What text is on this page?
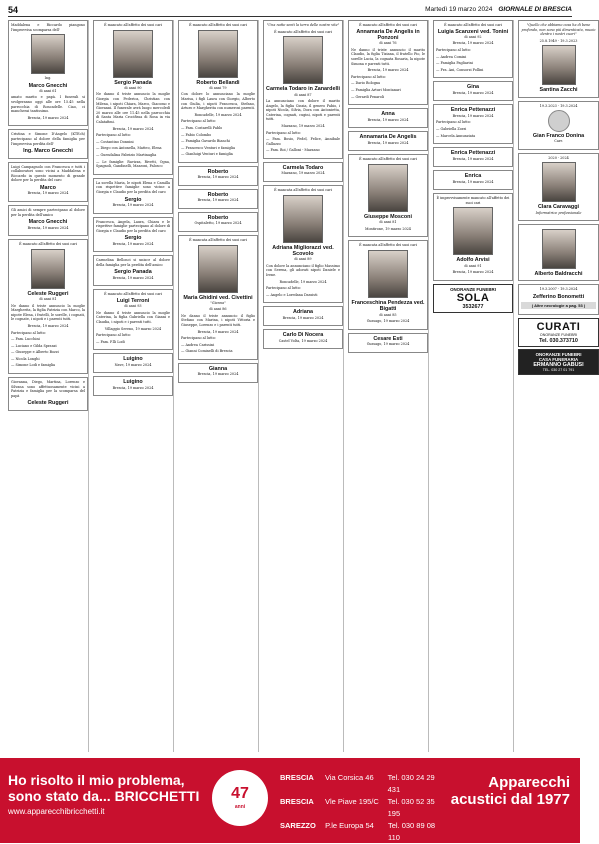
54	Martedì 19 marzo 2024 GIORNALE DI BRESCIA
Maddalena e Riccardo piangono l'improvvisa scomparsa dell'
Ing.
Marco Gnecchi
di anni 61
amato marito e papà. I funerali si svolgeranno oggi alle ore 15.45 nella parrocchia di Roncadelle. Ciao, ci mancherai tantissimo.
Brescia, 19 marzo 2024
Cristina e Simone D'Angelo (KTEch) partecipano al dolore della famiglia per l'improvvisa perdita dell'
Ing. Marco Gnecchi
Luigi Campagnolo con Francesca e tutti i collaboratori sono vicini a Maddalena e Riccardo in questo momento di grande dolore per la perdita del caro
Marco
Brescia, 19 marzo 2024
Gli amici di sempre partecipano al dolore per la perdita dell'amico
Marco Gnecchi
Brescia, 19 marzo 2024
È mancato all'affetto dei suoi cari
Celeste Ruggeri
di anni 81
Ne danno il triste annuncio la moglie Margherita, la figlia Patrizia con Marco, la nipote Elena, i fratelli, le sorelle, i cognati, le cognate, i nipoti e i parenti tutti.
Brescia, 19 marzo 2024
Partecipano al lutto:
— Fam. Lucchini
— Luciano e Gilda Spranzi
— Giuseppe e Alberto Bozzi
— Nicola Longhi
— Simone Lodi e famiglia
Giovanna, Diego, Martina, Lorenzo e Silvana sono affettuosamente vicini a Patrizia e famiglia per la scomparsa del papà
Celeste Ruggeri
È mancato all'affetto dei suoi cari
Sergio Panada
di anni 90
Ne danno il triste annuncio la moglie Giorgia con Federica, Christian con Milena, i nipoti Chiara, Marco, Giacomo e Giovanni. Il funerale avrà luogo mercoledì 20 marzo alle ore 11.45 nella parrocchia di Santa Maria Crocifissa di Rosa in via Calatafimi.
Brescia, 19 marzo 2024
Partecipano al lutto:
— Costantino Donnini
— Diego con Antonella, Matteo, Elena
— Guendalina Fabrizio Martinaglia
— Le famiglie: Ravizza, Rivetti, Ogna, Spagnoli, Gandinelli, Mazzoni, Palosco
La sorella Maria, le nipoti Elena e Camilla con rispettive famiglie sono vicine a Giorgia e Claudio per la perdita del caro
Sergio
Brescia, 19 marzo 2024
Francesca, Angela, Laura, Chiara e le rispettive famiglie partecipano al dolore di Giorgia e Claudio per la perdita del caro
Sergio
Brescia, 19 marzo 2024
Carmelina Bellonci si unisce al dolore della famiglia per la perdita dell'amico
Sergio Panada
Brescia, 19 marzo 2024
È mancato all'affetto dei suoi cari
Luigi Terroni
di anni 93
Ne danno il triste annuncio la moglie Caterina, la figlia Gabriella con Gianni e Claudia, i nipoti e i parenti tutti.
Villaggio Sereno, 19 marzo 2024
Partecipano al lutto:
— Fam. F.lli Lodi
Luigino
Nave, 19 marzo 2024
Luigino
Brescia, 19 marzo 2024
È mancato all'affetto dei suoi cari
Roberto Bellandi
di anni 79
Con dolore lo annunciano la moglie Marisa, i figli Laura con Giorgio, Alberto con Giulia, i nipoti Francesca, Stefano, Arturo e Margherita con numerosi parenti.
Roncadelle, 19 marzo 2024
Partecipano al lutto:
— Fam. Costarelli Pablo
— Fabio Colombo
— Famiglia Gavardo Bianchi
— Francesco Venturi e famiglia
— Gianluigi Venturi e famiglia
Roberto
Brescia, 19 marzo 2024
Roberto
Brescia, 19 marzo 2024
Roberto
Ospitaletto, 19 marzo 2024
È mancata all'affetto dei suoi cari
Maria Ghidini ved. Civettini
"Gianna"
di anni 86
Ne danno il triste annuncio il figlio Stefano con Marina, i nipoti Vittoria e Giuseppe, Lorenzo e i parenti tutti.
Brescia, 19 marzo 2024
Partecipano al lutto:
— Andrea Carissini
— Gianni Cominelli di Brescia
Gianna
Brescia, 19 marzo 2024
"Una notte senti la terra delle nostre vite"
È mancato all'affetto dei suoi cari
Carmela Todaro in Zanardelli
di anni 87
La annunciano con dolore il marito Angelo, la figlia Cinzia, il genero Fabio, i nipoti Nicola, Silvia, Dora con Antonietta, Caterina, cognati, cugini, nipoti e parenti tutti.
Mazzano, 19 marzo 2024
Partecipano al lutto:
— Fam. Bosio, Fedel, Felice, Annibale Galluzzo
— Fam. Boi / Galloni - Mazzano
Carmela Todaro
Mazzano, 19 marzo 2024
È mancata all'affetto dei suoi cari
Adriana Migliorazzi ved. Scovolo
di anni 89
Con dolore la annunciano il figlio Massimo con Serena, gli adorati nipoti Daniele e Irene.
Roncadelle, 19 marzo 2024
Partecipano al lutto:
— Angelo e Loredana Dassisti
Adriana
Brescia, 19 marzo 2024
Carlo Di Nocera
Castel Volta, 19 marzo 2024
È mancato all'affetto dei suoi cari
Annamaria De Angelis in Ponzoni
di anni 76
Ne danno il triste annuncio il marito Claudio, la figlia Tiziana, il fratello Pio, le sorelle Lucia, la cognata Rosaria, la nipote Simona e parenti tutti.
Brescia, 19 marzo 2024
Partecipano al lutto:
— Dario Bologna
— Famiglia Arturi Montanari
— Gerardi Fenaroli
Anna
Brescia, 19 marzo 2024
Annamaria De Angelis
Brescia, 19 marzo 2024
È mancato all'affetto dei suoi cari
Giuseppe Mosconi
di anni 81
Montirone, 19 marzo 2024
È mancata all'affetto dei suoi cari
Franceschina Pendezza ved. Bigatti
di anni 85
Gussago, 19 marzo 2024
Cesare Esti
Gussago, 19 marzo 2024
È mancato all'affetto dei suoi cari
Luigia Scanzeni ved. Tonini
di anni 92
Brescia, 19 marzo 2024
Partecipano al lutto:
— Andrea Comini
— Famiglia Pagliarini
— Fra. Ani, Consorzi Pollini
Gina
Brescia, 19 marzo 2024
Enrica Pettenazzi
Brescia, 19 marzo 2024
Partecipano al lutto:
— Gabriella Zorzi
— Marcela Annunziata
Enrica Pettenazzi
Brescia, 19 marzo 2024
Enrica
Brescia, 19 marzo 2024
È improvvisamente mancato all'affetto dei suoi cari
Adolfo Arvisi
di anni 91
Brescia, 19 marzo 2024
ONORANZE FUNEBRI
SOLA
3532677
"Quello che abbiamo cosa ha di bene profondo, non sono più dimenticato, muoio dentro i nostri cuori"
25.8.1949 - 19.3.2023
Santina Zacchi
19.3.2023 - 19.3.2024
Gian Franco Donina
Carr.
2020 - 2024
Clara Caravaggi
Informatrice professionale
Alberto Baldracchi
19.3.2007 - 19.3.2024
Zefferino Bonometti
( Altre necrologie a pag. 53 )
CURATI
ONORANZE FUNEBRI
Tel. 030.373710
ONORANZE FUNEBRI
CASA FUNERARIA
ERMANNO GABUSI
TEL. 030 27 01 791
Ho risolto il mio problema,
sono stato da... BRICCHETTI
www.apparecchibricchetti.it
47
anni
BRESCIA	Via Corsica 46	Tel. 030 24 29 431
BRESCIA	Vle Piave 195/C	Tel. 030 52 35 195
SAREZZO	P.le Europa 54	Tel. 030 89 08 110
Apparecchi
acustici dal 1977
